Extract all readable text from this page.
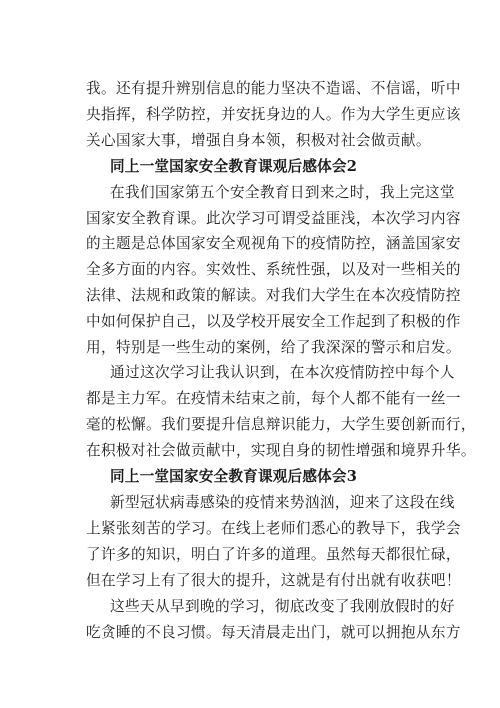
我。还有提升辨别信息的能力坚决不造谣、不信谣，听中
央指挥，科学防控，并安抚身边的人。作为大学生更应该
关心国家大事，增强自身本领，积极对社会做贡献。
同上一堂国家安全教育课观后感体会2
在我们国家第五个安全教育日到来之时，我上完这堂
国家安全教育课。此次学习可谓受益匪浅，本次学习内容
的主题是总体国家安全观视角下的疫情防控，涵盖国家安
全多方面的内容。实效性、系统性强，以及对一些相关的
法律、法规和政策的解读。对我们大学生在本次疫情防控
中如何保护自己，以及学校开展安全工作起到了积极的作
用，特别是一些生动的案例，给了我深深的警示和启发。
通过这次学习让我认识到，在本次疫情防控中每个人
都是主力军。在疫情未结束之前，每个人都不能有一丝一
毫的松懈。我们要提升信息辩识能力，大学生要创新而行，
在积极对社会做贡献中，实现自身的韧性增强和境界升华。
同上一堂国家安全教育课观后感体会3
新型冠状病毒感染的疫情来势汹汹，迎来了这段在线
上紧张刻苦的学习。在线上老师们悉心的教导下，我学会
了许多的知识，明白了许多的道理。虽然每天都很忙碌，
但在学习上有了很大的提升，这就是有付出就有收获吧！
这些天从早到晚的学习，彻底改变了我刚放假时的好
吃贪睡的不良习惯。每天清晨走出门，就可以拥抱从东方
